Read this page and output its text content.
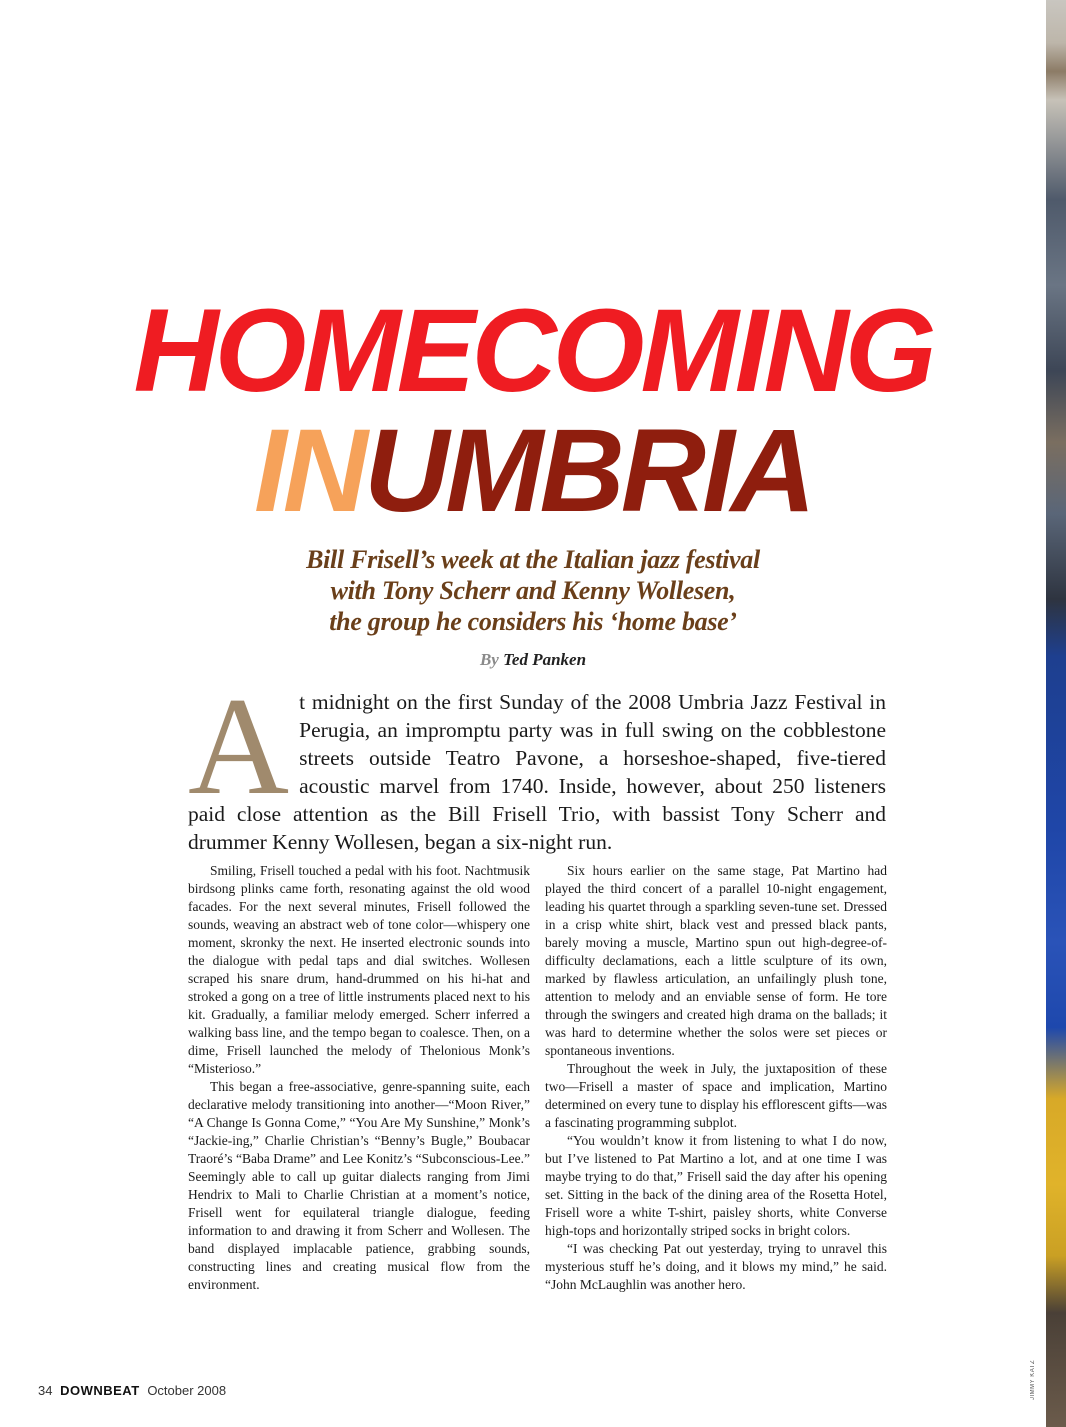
JIMMY KATZ
HOMECOMING
INUMBRIA
Bill Frisell’s week at the Italian jazz festival
with Tony Scherr and Kenny Wollesen,
the group he considers his ‘home base’
By Ted Panken
At midnight on the first Sunday of the 2008 Umbria Jazz Festival in Perugia, an impromptu party was in full swing on the cobblestone streets outside Teatro Pavone, a horseshoe-shaped, five-tiered acoustic marvel from 1740. Inside, however, about 250 listeners paid close attention as the Bill Frisell Trio, with bassist Tony Scherr and drummer Kenny Wollesen, began a six-night run.

Smiling, Frisell touched a pedal with his foot. Nachtmusik birdsong plinks came forth, resonating against the old wood facades. For the next several minutes, Frisell followed the sounds, weaving an abstract web of tone color—whispery one moment, skronky the next. He inserted electronic sounds into the dialogue with pedal taps and dial switches. Wollesen scraped his snare drum, hand-drummed on his hi-hat and stroked a gong on a tree of little instruments placed next to his kit. Gradually, a familiar melody emerged. Scherr inferred a walking bass line, and the tempo began to coalesce. Then, on a dime, Frisell launched the melody of Thelonious Monk’s “Misterioso.”

This began a free-associative, genre-spanning suite, each declarative melody transitioning into another—“Moon River,” “A Change Is Gonna Come,” “You Are My Sunshine,” Monk’s “Jackie-ing,” Charlie Christian’s “Benny’s Bugle,” Boubacar Traoré’s “Baba Drame” and Lee Konitz’s “Subconscious-Lee.” Seemingly able to call up guitar dialects ranging from Jimi Hendrix to Mali to Charlie Christian at a moment’s notice, Frisell went for equilateral triangle dialogue, feeding information to and drawing it from Scherr and Wollesen. The band displayed implacable patience, grabbing sounds, constructing lines and creating musical flow from the environment.

Six hours earlier on the same stage, Pat Martino had played the third concert of a parallel 10-night engagement, leading his quartet through a sparkling seven-tune set. Dressed in a crisp white shirt, black vest and pressed black pants, barely moving a muscle, Martino spun out high-degree-of-difficulty declamations, each a little sculpture of its own, marked by flawless articulation, an unfailingly plush tone, attention to melody and an enviable sense of form. He tore through the swingers and created high drama on the ballads; it was hard to determine whether the solos were set pieces or spontaneous inventions.

Throughout the week in July, the juxtaposition of these two—Frisell a master of space and implication, Martino determined on every tune to display his efflorescent gifts—was a fascinating programming subplot.

“You wouldn’t know it from listening to what I do now, but I’ve listened to Pat Martino a lot, and at one time I was maybe trying to do that,” Frisell said the day after his opening set. Sitting in the back of the dining area of the Rosetta Hotel, Frisell wore a white T-shirt, paisley shorts, white Converse high-tops and horizontally striped socks in bright colors.

“I was checking Pat out yesterday, trying to unravel this mysterious stuff he’s doing, and it blows my mind,” he said. “John McLaughlin was another hero.

34 DOWNBEAT October 2008
